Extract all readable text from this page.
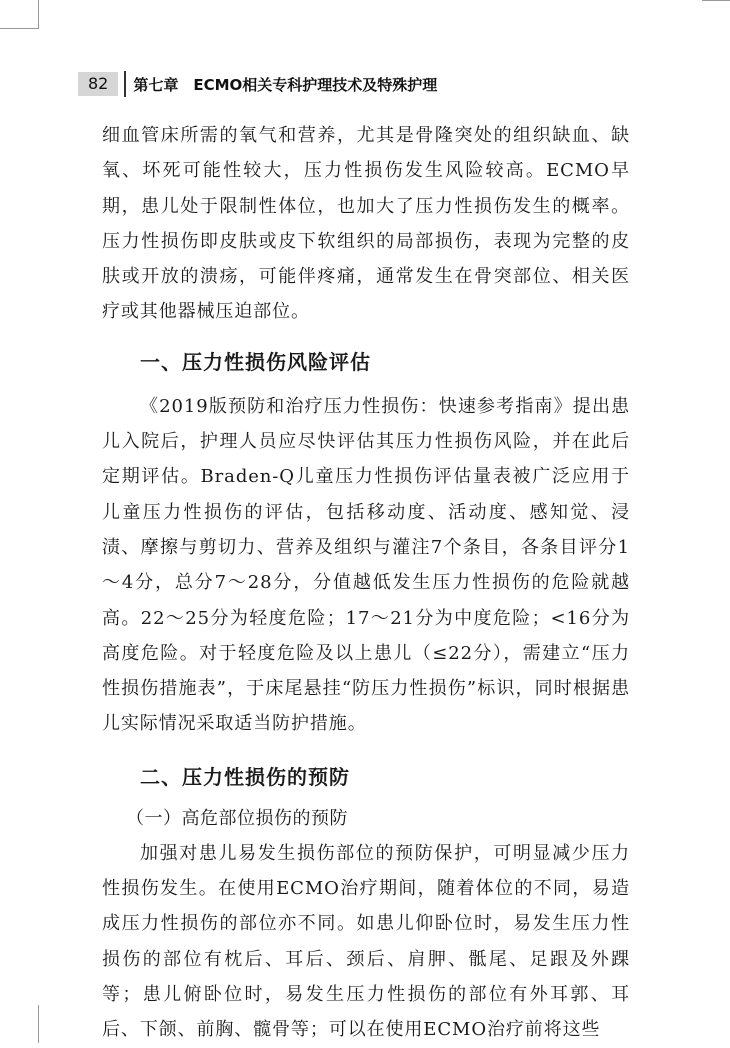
82	第七章　ECMO相关专科护理技术及特殊护理

细血管床所需的氧气和营养，尤其是骨隆突处的组织缺血、缺氧、坏死可能性较大，压力性损伤发生风险较高。ECMO早期，患儿处于限制性体位，也加大了压力性损伤发生的概率。压力性损伤即皮肤或皮下软组织的局部损伤，表现为完整的皮肤或开放的溃疡，可能伴疼痛，通常发生在骨突部位、相关医疗或其他器械压迫部位。

一、压力性损伤风险评估

《2019版预防和治疗压力性损伤：快速参考指南》提出患儿入院后，护理人员应尽快评估其压力性损伤风险，并在此后定期评估。Braden-Q儿童压力性损伤评估量表被广泛应用于儿童压力性损伤的评估，包括移动度、活动度、感知觉、浸渍、摩擦与剪切力、营养及组织与灌注7个条目，各条目评分1～4分，总分7～28分，分值越低发生压力性损伤的危险就越高。22～25分为轻度危险；17～21分为中度危险；<16分为高度危险。对于轻度危险及以上患儿（≤22分），需建立“压力性损伤措施表”，于床尾悬挂“防压力性损伤”标识，同时根据患儿实际情况采取适当防护措施。

二、压力性损伤的预防
（一）高危部位损伤的预防

加强对患儿易发生损伤部位的预防保护，可明显减少压力性损伤发生。在使用ECMO治疗期间，随着体位的不同，易造成压力性损伤的部位亦不同。如患儿仰卧位时，易发生压力性损伤的部位有枕后、耳后、颈后、肩胛、骶尾、足跟及外踝等；患儿俯卧位时，易发生压力性损伤的部位有外耳郭、耳后、下颌、前胸、髋骨等；可以在使用ECMO治疗前将这些
